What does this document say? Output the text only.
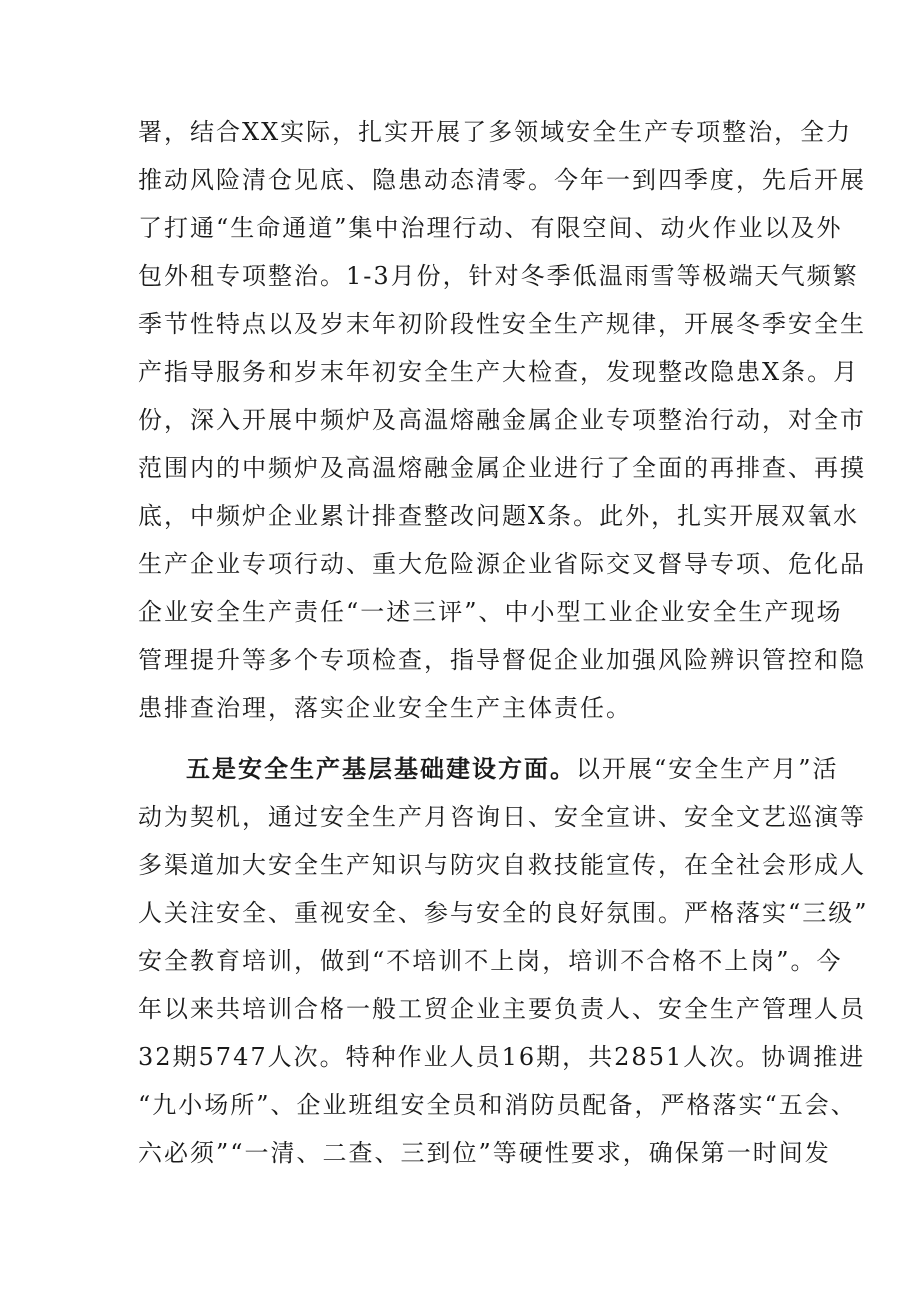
署，结合XX实际，扎实开展了多领域安全生产专项整治，全力
推动风险清仓见底、隐患动态清零。今年一到四季度，先后开展
了打通“生命通道”集中治理行动、有限空间、动火作业以及外
包外租专项整治。1-3月份，针对冬季低温雨雪等极端天气频繁
季节性特点以及岁末年初阶段性安全生产规律，开展冬季安全生
产指导服务和岁末年初安全生产大检查，发现整改隐患X条。月
份，深入开展中频炉及高温熔融金属企业专项整治行动，对全市
范围内的中频炉及高温熔融金属企业进行了全面的再排查、再摸
底，中频炉企业累计排查整改问题X条。此外，扎实开展双氧水
生产企业专项行动、重大危险源企业省际交叉督导专项、危化品
企业安全生产责任“一述三评”、中小型工业企业安全生产现场
管理提升等多个专项检查，指导督促企业加强风险辨识管控和隐
患排查治理，落实企业安全生产主体责任。
五是安全生产基层基础建设方面。以开展“安全生产月”活
动为契机，通过安全生产月咨询日、安全宣讲、安全文艺巡演等
多渠道加大安全生产知识与防灾自救技能宣传，在全社会形成人
人关注安全、重视安全、参与安全的良好氛围。严格落实“三级”
安全教育培训，做到“不培训不上岗，培训不合格不上岗”。今
年以来共培训合格一般工贸企业主要负责人、安全生产管理人员
32期5747人次。特种作业人员16期，共2851人次。协调推进
“九小场所”、企业班组安全员和消防员配备，严格落实“五会、
六必须”“一清、二查、三到位”等硬性要求，确保第一时间发
